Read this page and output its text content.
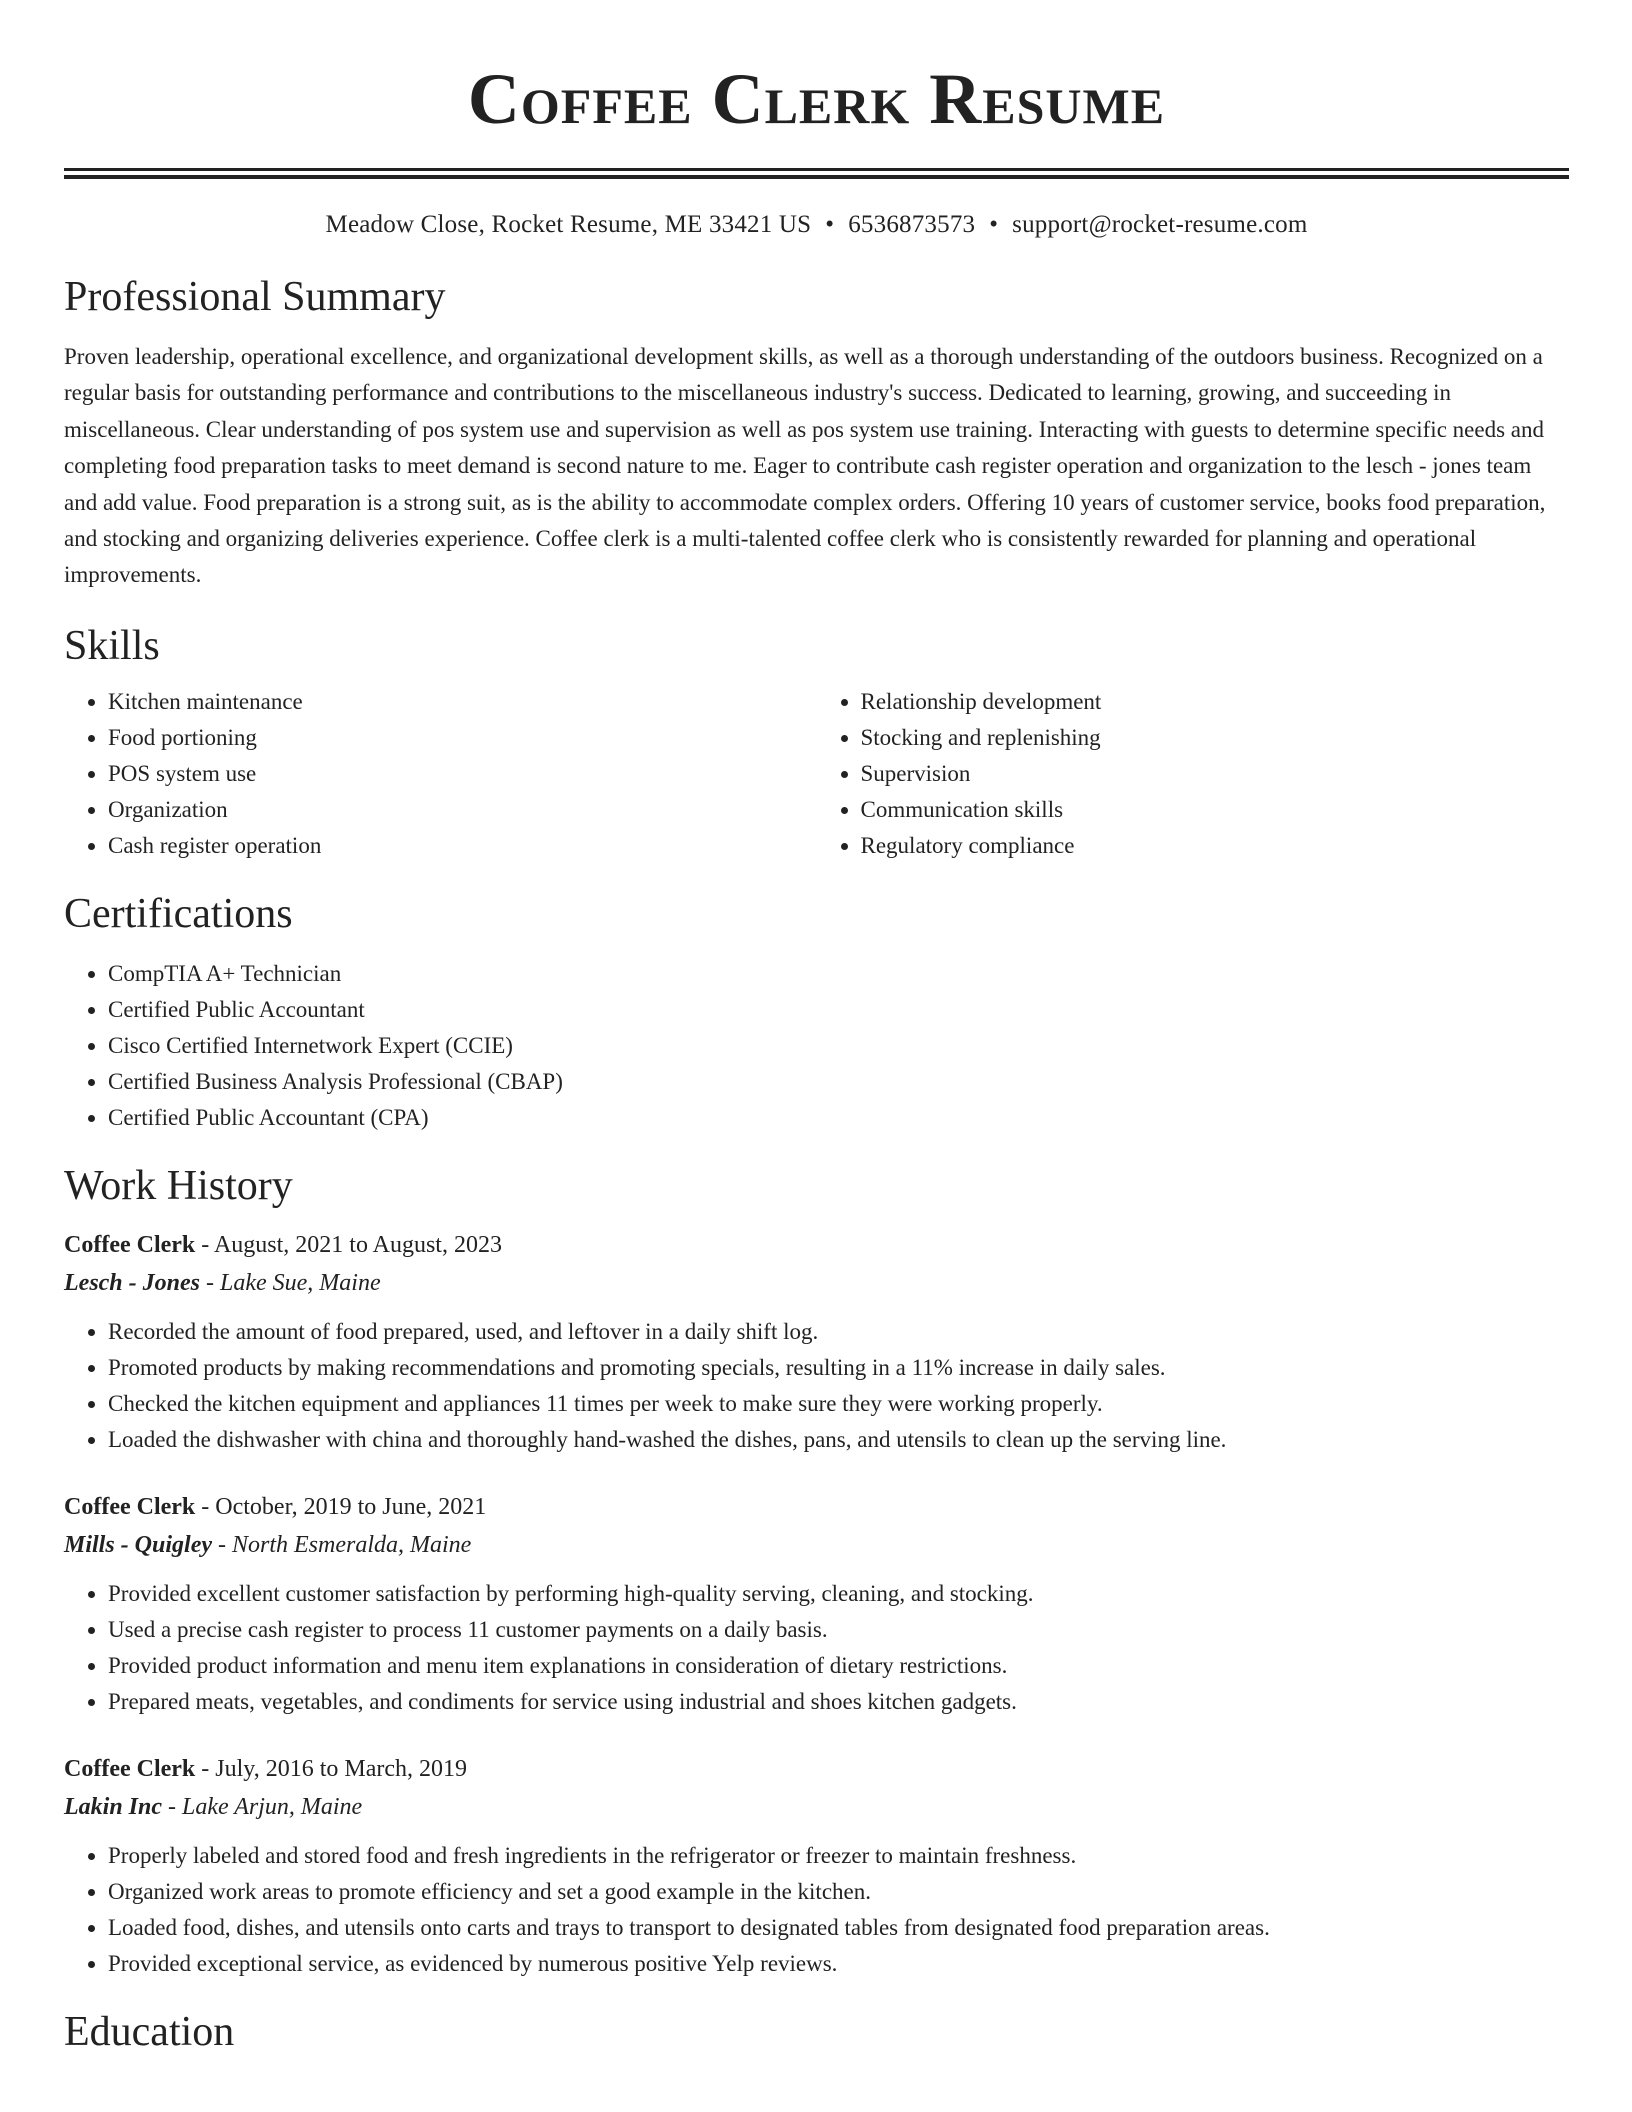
Coffee Clerk Resume
Meadow Close, Rocket Resume, ME 33421 US • 6536873573 • support@rocket-resume.com
Professional Summary

Proven leadership, operational excellence, and organizational development skills, as well as a thorough understanding of the outdoors business. Recognized on a regular basis for outstanding performance and contributions to the miscellaneous industry's success. Dedicated to learning, growing, and succeeding in miscellaneous. Clear understanding of pos system use and supervision as well as pos system use training. Interacting with guests to determine specific needs and completing food preparation tasks to meet demand is second nature to me. Eager to contribute cash register operation and organization to the lesch - jones team and add value. Food preparation is a strong suit, as is the ability to accommodate complex orders. Offering 10 years of customer service, books food preparation, and stocking and organizing deliveries experience. Coffee clerk is a multi-talented coffee clerk who is consistently rewarded for planning and operational improvements.

Skills
• Kitchen maintenance
• Food portioning
• POS system use
• Organization
• Cash register operation
• Relationship development
• Stocking and replenishing
• Supervision
• Communication skills
• Regulatory compliance
Certifications
• CompTIA A+ Technician
• Certified Public Accountant
• Cisco Certified Internetwork Expert (CCIE)
• Certified Business Analysis Professional (CBAP)
• Certified Public Accountant (CPA)
Work History
Coffee Clerk - August, 2021 to August, 2023
Lesch - Jones - Lake Sue, Maine
• Recorded the amount of food prepared, used, and leftover in a daily shift log.
• Promoted products by making recommendations and promoting specials, resulting in a 11% increase in daily sales.
• Checked the kitchen equipment and appliances 11 times per week to make sure they were working properly.
• Loaded the dishwasher with china and thoroughly hand-washed the dishes, pans, and utensils to clean up the serving line.
Coffee Clerk - October, 2019 to June, 2021
Mills - Quigley - North Esmeralda, Maine
• Provided excellent customer satisfaction by performing high-quality serving, cleaning, and stocking.
• Used a precise cash register to process 11 customer payments on a daily basis.
• Provided product information and menu item explanations in consideration of dietary restrictions.
• Prepared meats, vegetables, and condiments for service using industrial and shoes kitchen gadgets.
Coffee Clerk - July, 2016 to March, 2019
Lakin Inc - Lake Arjun, Maine
• Properly labeled and stored food and fresh ingredients in the refrigerator or freezer to maintain freshness.
• Organized work areas to promote efficiency and set a good example in the kitchen.
• Loaded food, dishes, and utensils onto carts and trays to transport to designated tables from designated food preparation areas.
• Provided exceptional service, as evidenced by numerous positive Yelp reviews.
Education
